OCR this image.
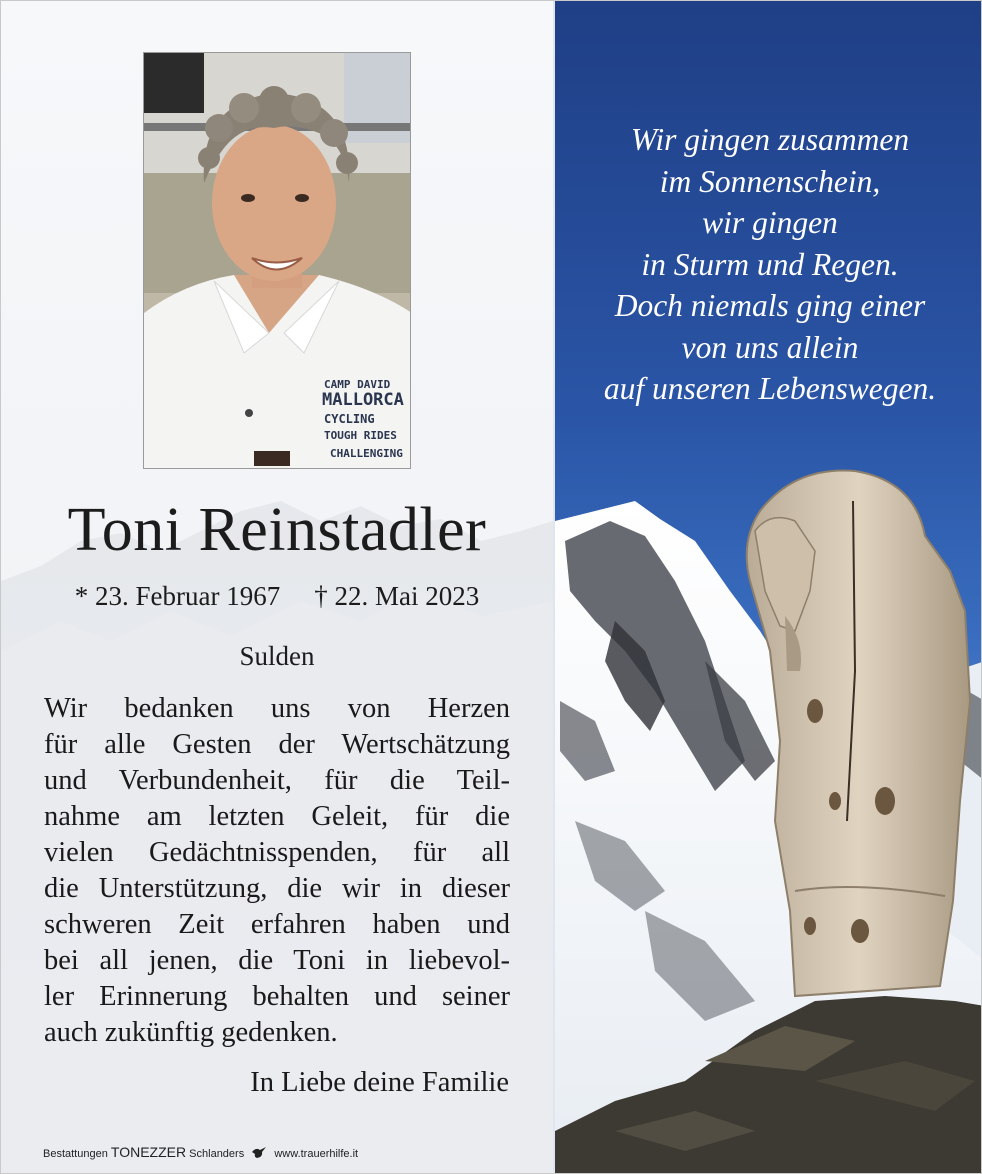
CAMP DAVID
MALLORCA
CYCLING
TOUGH RIDES
CHALLENGING
Toni Reinstadler
* 23. Februar 1967 † 22. Mai 2023
Sulden
Wir bedanken uns von Herzen
für alle Gesten der Wertschätzung
und Verbundenheit, für die Teil-
nahme am letzten Geleit, für die
vielen Gedächtnisspenden, für all
die Unterstützung, die wir in dieser
schweren Zeit erfahren haben und
bei all jenen, die Toni in liebevol-
ler Erinnerung behalten und seiner
auch zukünftig gedenken.
In Liebe deine Familie
Bestattungen TONEZZER Schlanders	www.trauerhilfe.it
Wir gingen zusammen
im Sonnenschein,
wir gingen
in Sturm und Regen.
Doch niemals ging einer
von uns allein
auf unseren Lebenswegen.
